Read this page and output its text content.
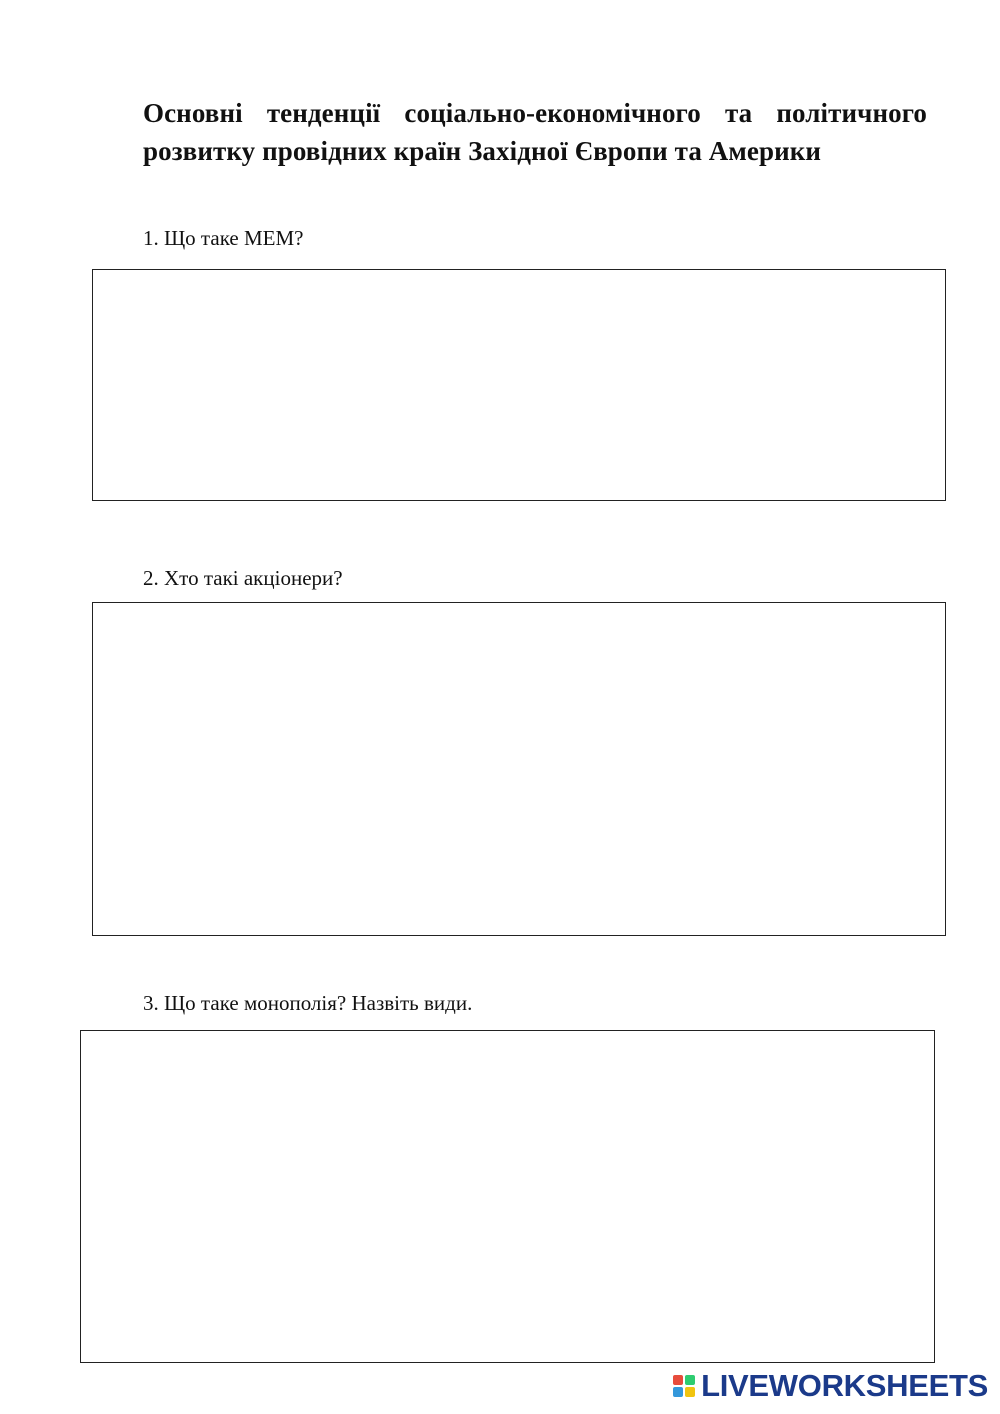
Основні тенденції соціально-економічного та політичного розвитку провідних країн Західної Європи та Америки

1. Що таке МЕМ?

2. Хто такі акціонери?

3. Що таке монополія? Назвіть види.

LIVEWORKSHEETS
